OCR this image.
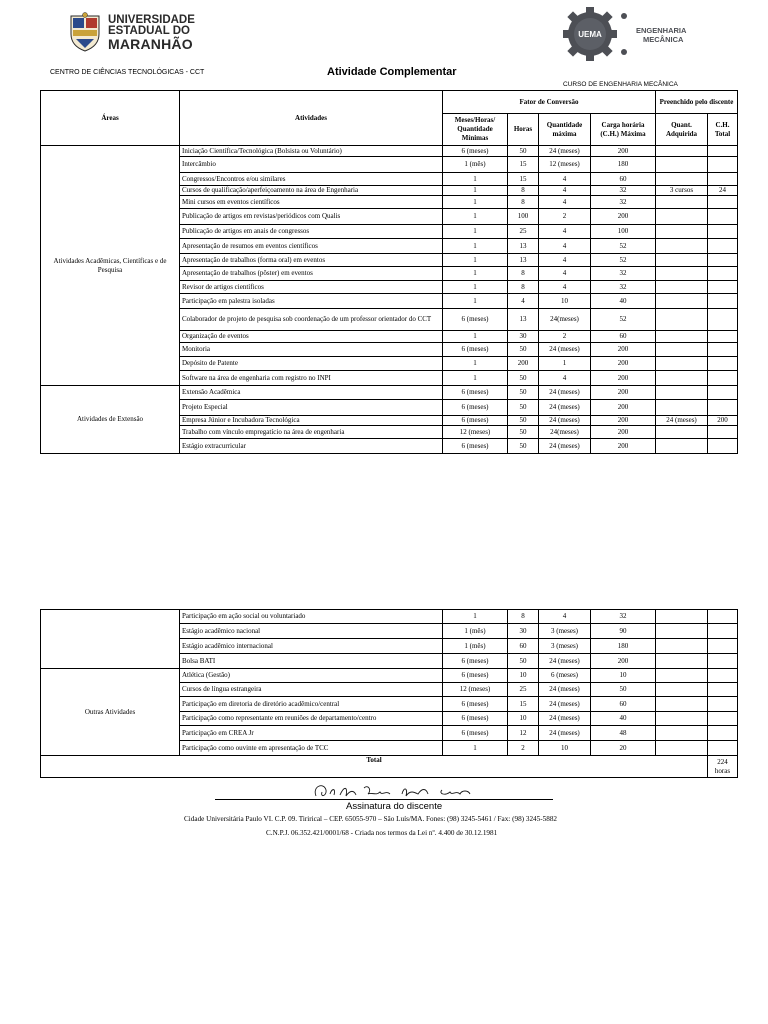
UNIVERSIDADE
ESTADUAL DO
MARANHÃO
UEMA	ENGENHARIA
MECÂNICA
CENTRO DE CIÊNCIAS TECNOLÓGICAS - CCT	Atividade Complementar
CURSO DE ENGENHARIA MECÂNICA
Áreas	Atividades	Fator de Conversão				Preenchido pelo discente	
		Meses/Horas/ Quantidade Mínimas	Horas	Quantidade máxima	Carga horária (C.H.) Máxima	Quant. Adquirida	C.H. Total
Atividades Acadêmicas, Científicas e de Pesquisa	Iniciação Científica/Tecnológica (Bolsista ou Voluntário)	6 (meses)	50	24 (meses)	200		
	Intercâmbio	1 (mês)	15	12 (meses)	180		
	Congressos/Encontros e/ou similares	1	15	4	60		
	Cursos de qualificação/aperfeiçoamento na área de Engenharia	1	8	4	32	3 cursos	24
	Mini cursos em eventos científicos	1	8	4	32		
	Publicação de artigos em revistas/periódicos com Qualis	1	100	2	200		
	Publicação de artigos em anais de congressos	1	25	4	100		
	Apresentação de resumos em eventos científicos	1	13	4	52		
	Apresentação de trabalhos (forma oral) em eventos	1	13	4	52		
	Apresentação de trabalhos (pôster) em eventos	1	8	4	32		
	Revisor de artigos científicos	1	8	4	32		
	Participação em palestra isoladas	1	4	10	40		
	Colaborador de projeto de pesquisa sob coordenação de um professor orientador do CCT	6 (meses)	13	24(meses)	52		
	Organização de eventos	1	30	2	60		
	Monitoria	6 (meses)	50	24 (meses)	200		
	Depósito de Patente	1	200	1	200		
	Software na área de engenharia com registro no INPI	1	50	4	200		
Atividades de Extensão	Extensão Acadêmica	6 (meses)	50	24 (meses)	200		
	Projeto Especial	6 (meses)	50	24 (meses)	200		
	Empresa Júnior e Incubadora Tecnológica	6 (meses)	50	24 (meses)	200	24 (meses)	200
	Trabalho com vínculo empregatício na área de engenharia	12 (meses)	50	24(meses)	200		
	Estágio extracurricular	6 (meses)	50	24 (meses)	200		
	Participação em ação social ou voluntariado	1	8	4	32		
	Estágio acadêmico nacional	1 (mês)	30	3 (meses)	90		
	Estágio acadêmico internacional	1 (mês)	60	3 (meses)	180		
	Bolsa BATI	6 (meses)	50	24 (meses)	200		
Outras Atividades	Atlética (Gestão)	6 (meses)	10	6 (meses)	10		
	Cursos de língua estrangeira	12 (meses)	25	24 (meses)	50		
	Participação em diretoria de diretório acadêmico/central	6 (meses)	15	24 (meses)	60		
	Participação como representante em reuniões de departamento/centro	6 (meses)	10	24 (meses)	40		
	Participação em CREA Jr	6 (meses)	12	24 (meses)	48		
	Participação como ouvinte em apresentação de TCC	1	2	10	20		
Total							224 horas
Assinatura do discente
Cidade Universitária Paulo VI. C.P. 09. Tirirical – CEP. 65055-970 – São Luís/MA. Fones: (98) 3245-5461 / Fax: (98) 3245-5882
C.N.P.J. 06.352.421/0001/68 - Criada nos termos da Lei nº. 4.400 de 30.12.1981
